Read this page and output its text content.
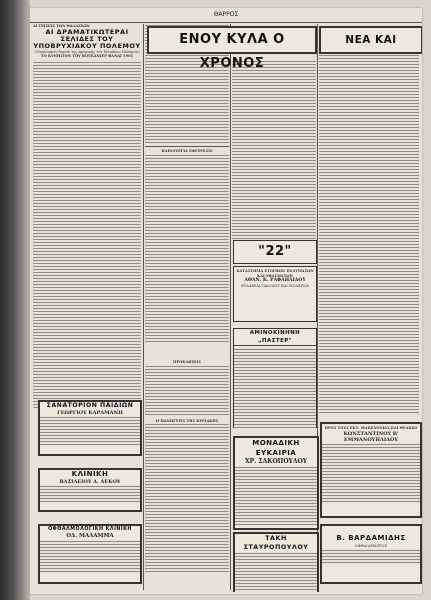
ΘΑΡΡΟΣ
Ai ΤΡΙΣΕΙΣ ΤΩΝ ΘΑΛΑΣΣΩΝ
ΑΙ ΔΡΑΜΑΤΙΚΩΤΕΡΑΙ ΣΕΛΙΔΕΣ ΤΟΥ ΥΠΟΒΡΥΧΙΑΚΟΥ ΠΟΛΕΜΟΥ
«Υποκλοπείς διψών της Αμερικής τον Μεγάλου Πολέμου»
ΤΟ ΚΥΝΗΓΙΟΝ ΤΟΥ ΒΟΥΚΑΝΙΕΡ ΦΑΝΑΙ 1901
ΚΑΙΝΟΥΡΓΙΑ ΕΦΕΥΡΕΣΙΣ
ΕΝΟΥ ΚΥΛΑ Ο ΧΡΟΝΟΣ
ΝΕΑ ΚΑΙ
"22"
ΚΑΤΑΣΤΗΜΑ ΕΤΟΙΜΩΝ ΕΝΔΥΜΑΤΩΝ ΚΑΙ ΥΦΑΣΜΑΤΩΝ
ΑΘΑΝ. Κ. ΡΑΦΑΗΛΙΔΟΥ
ΕΥΛΑΒΕΙΑ ΠΑΟΛΙΟΥ ΚΑΙ ΜΟΔΕΡΝΑ
ΑΜΙΝΟΚΙΝΗΝΗ „ΠΑΣΤΕΡ"
ΜΟΝΑΔΙΚΗ ΕΥΚΑΙΡΙΑ
ΧΡ. ΣΑΚΟΠΟΥΛΟΥ
ΤΑΚΗ ΣΤΑΥΡΟΠΟΥΛΟΥ
ΣΑΝΑΤΟΡΙΟΝ ΠΑΙΔΙΩΝ
ΓΕΩΡΓΙΟΥ ΚΑΡΑΜΑΝΗ
ΚΛΙΝΙΚΗ
ΒΑΣΙΛΕΙΟΥ Δ. ΔΕΚΟΥ
ΟΦΘΑΛΜΟΛΟΓΙΚΗ ΚΛΙΝΙΚΗ
ΟΔ. ΜΑΛΑΜΜΑ
ΠΡΟΚΛΗΣΕΙΣ
Η ΠΑΝΗΓΥΡΙΣ ΤΗΣ ΚΥΡΙΑΚΗΣ
ΠΡΟΣ ΤΟΥΣ ΕΚΤ. ΜΑΚΕΔΟΝΙΑΣ ΚΑΙ ΘΡΑΚΗΣ
ΚΩΝΣΤΑΝΤΙΝΟΥ Β' ΕΜΜΑΝΟΥΗΛΙΔΟΥ
Β. ΒΑΡΔΑΜΙΔΗΣ
ΟΦΘΑΛΜΙΑΤΡΟΣ
